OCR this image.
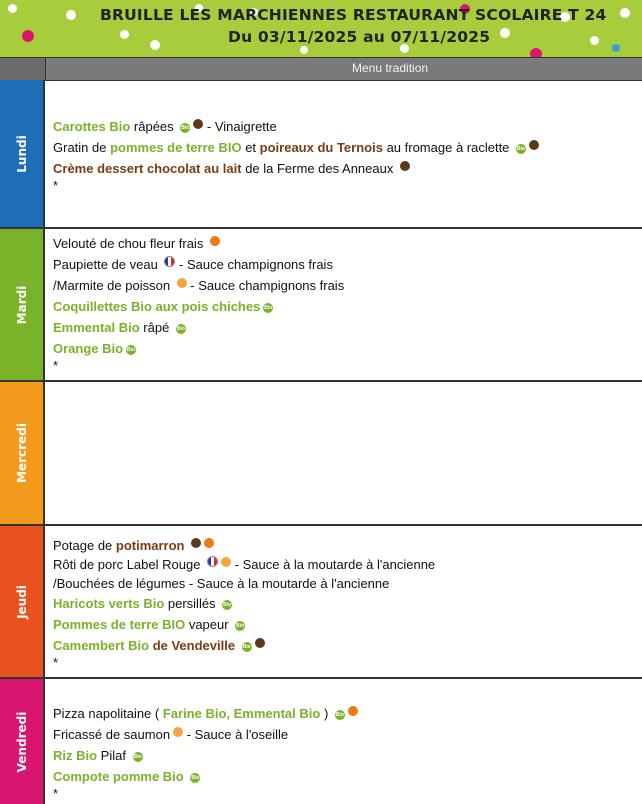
BRUILLE LES MARCHIENNES RESTAURANT SCOLAIRE T 24
Du 03/11/2025 au 07/11/2025
Menu tradition
Lundi
Carottes Bio râpées Bio - Vinaigrette
Gratin de pommes de terre BIO et poireaux du Ternois au fromage à raclette Bio
Crème dessert chocolat au lait de la Ferme des Anneaux
*
Mardi
Velouté de chou fleur frais
Paupiette de veau  - Sauce champignons frais
/Marmite de poisson  - Sauce champignons frais
Coquillettes Bio aux pois chiches Bio
Emmental Bio râpé Bio
Orange Bio Bio
*
Mercredi
Jeudi
Potage de potimarron
Rôti de porc Label Rouge  - Sauce à la moutarde à l'ancienne
/Bouchées de légumes - Sauce à la moutarde à l'ancienne
Haricots verts Bio persillés Bio
Pommes de terre BIO vapeur Bio
Camembert Bio de Vendeville Bio
*
Vendredi Pizza napolitaine ( Farine Bio, Emmental Bio ) Bio
Fricassé de saumon - Sauce à l'oseille
Riz Bio Pilaf Bio
Compote pomme Bio Bio
*
